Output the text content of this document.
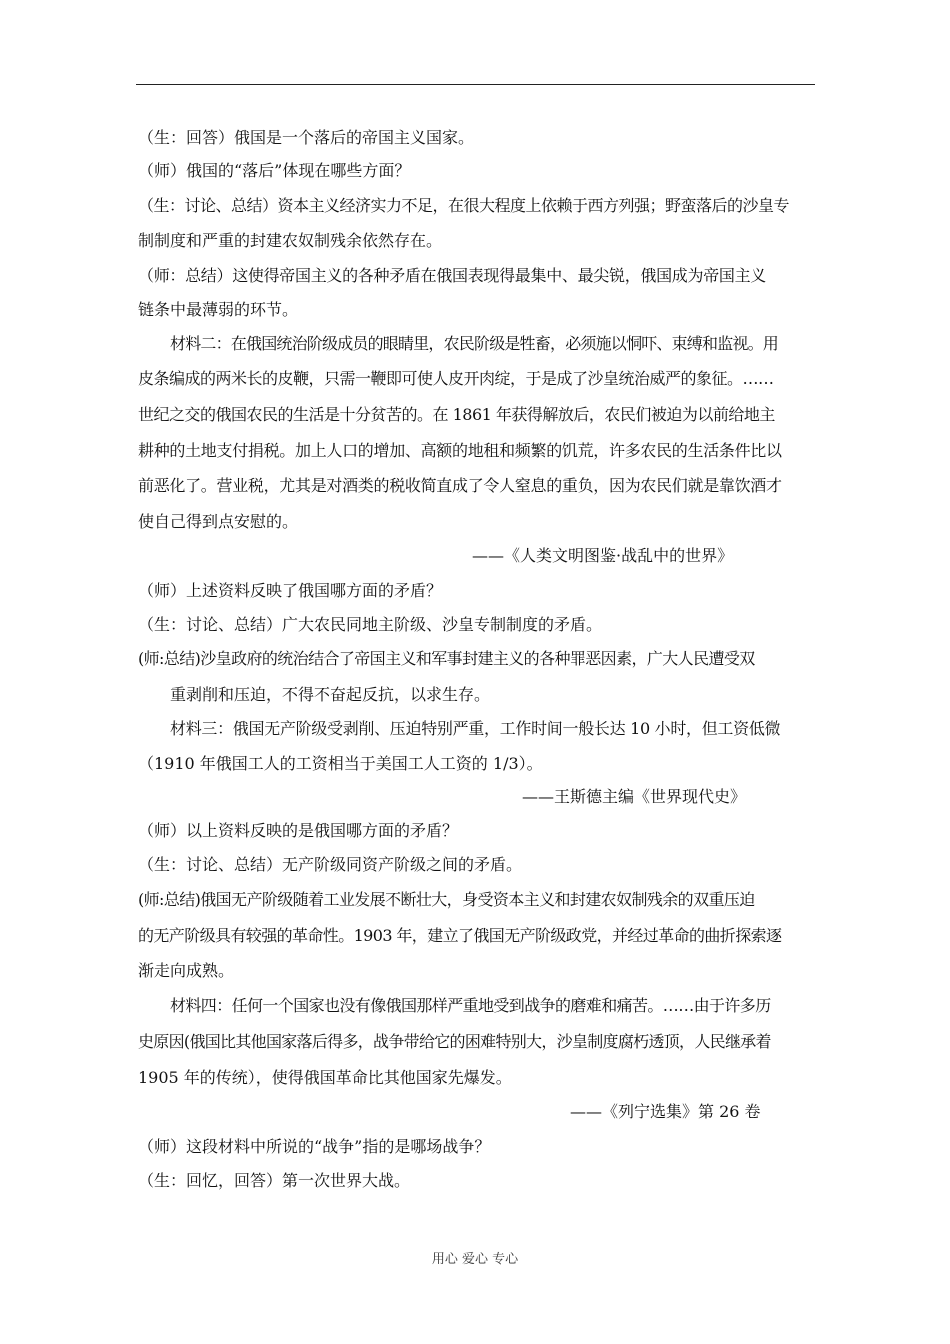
（生：回答）俄国是一个落后的帝国主义国家。
（师）俄国的“落后”体现在哪些方面？
（生：讨论、总结）资本主义经济实力不足，在很大程度上依赖于西方列强；野蛮落后的沙皇专
制制度和严重的封建农奴制残余依然存在。
（师：总结）这使得帝国主义的各种矛盾在俄国表现得最集中、最尖锐，俄国成为帝国主义
链条中最薄弱的环节。
材料二：在俄国统治阶级成员的眼睛里，农民阶级是牲畜，必须施以恫吓、束缚和监视。用
皮条编成的两米长的皮鞭，只需一鞭即可使人皮开肉绽，于是成了沙皇统治威严的象征。……
世纪之交的俄国农民的生活是十分贫苦的。在 1861 年获得解放后，农民们被迫为以前给地主
耕种的土地支付捐税。加上人口的增加、高额的地租和频繁的饥荒，许多农民的生活条件比以
前恶化了。营业税，尤其是对酒类的税收简直成了令人窒息的重负，因为农民们就是靠饮酒才
使自己得到点安慰的。
——《人类文明图鉴·战乱中的世界》
（师）上述资料反映了俄国哪方面的矛盾？
（生：讨论、总结）广大农民同地主阶级、沙皇专制制度的矛盾。
(师:总结)沙皇政府的统治结合了帝国主义和军事封建主义的各种罪恶因素，广大人民遭受双
重剥削和压迫，不得不奋起反抗，以求生存。
材料三：俄国无产阶级受剥削、压迫特别严重，工作时间一般长达 10 小时，但工资低微
（1910 年俄国工人的工资相当于美国工人工资的 1/3）。
——王斯德主编《世界现代史》
（师）以上资料反映的是俄国哪方面的矛盾？
（生：讨论、总结）无产阶级同资产阶级之间的矛盾。
(师:总结)俄国无产阶级随着工业发展不断壮大，身受资本主义和封建农奴制残余的双重压迫
的无产阶级具有较强的革命性。1903 年，建立了俄国无产阶级政党，并经过革命的曲折探索逐
渐走向成熟。
材料四：任何一个国家也没有像俄国那样严重地受到战争的磨难和痛苦。……由于许多历
史原因(俄国比其他国家落后得多，战争带给它的困难特别大，沙皇制度腐朽透顶，人民继承着
1905 年的传统），使得俄国革命比其他国家先爆发。
——《列宁选集》第 26 卷
（师）这段材料中所说的“战争”指的是哪场战争？
（生：回忆，回答）第一次世界大战。
用心 爱心 专心
